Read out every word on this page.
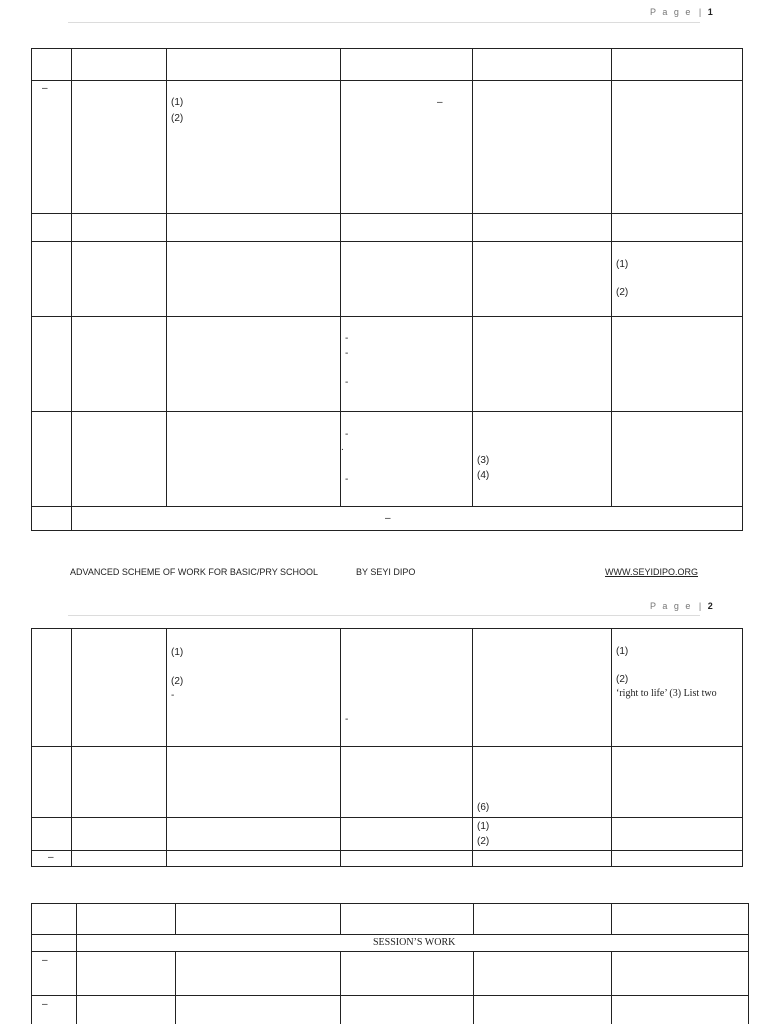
P a g e | 1
–
(1)
(2)
–
(1)
(2)
-
-
-
-
.
-
(3)
(4)
–
ADVANCED SCHEME OF WORK FOR BASIC/PRY SCHOOL	BY SEYI DIPO	WWW.SEYIDIPO.ORG
P a g e | 2
(1)
(2)
-
-
(1)
(2)
‘right to life’ (3) List two
(6)
(1)
(2)
–
SESSION’S WORK
–
–
